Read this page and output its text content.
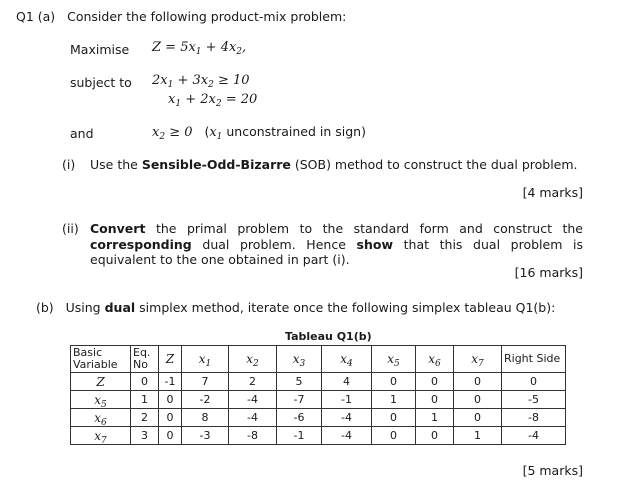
Q1 (a) Consider the following product-mix problem:
Maximise $Z = 5x_1 + 4x_2$,
subject to $2x_1 + 3x_2 \ge 10$
$x_1 + 2x_2 = 20$
and	$x_2 \ge 0$ ($x_1$ unconstrained in sign)
(i) Use the Sensible-Odd-Bizarre (SOB) method to construct the dual problem.
[4 marks]
(ii) Convert the primal problem to the standard form and construct the corresponding dual problem. Hence show that this dual problem is equivalent to the one obtained in part (i).
[16 marks]
(b) Using dual simplex method, iterate once the following simplex tableau Q1(b):
Tableau Q1(b)
Basic Variable	Eq. No	Z	$x_1$	$x_2$	$x_3$	$x_4$	$x_5$	$x_6$	$x_7$	Right Side
Z	0	-1	7	2	5	4	0	0	0	0
$x_5$	1	0	-2	-4	-7	-1	1	0	0	-5
$x_6$	2	0	8	-4	-6	-4	0	1	0	-8
$x_7$	3	0	-3	-8	-1	-4	0	0	1	-4
[5 marks]
